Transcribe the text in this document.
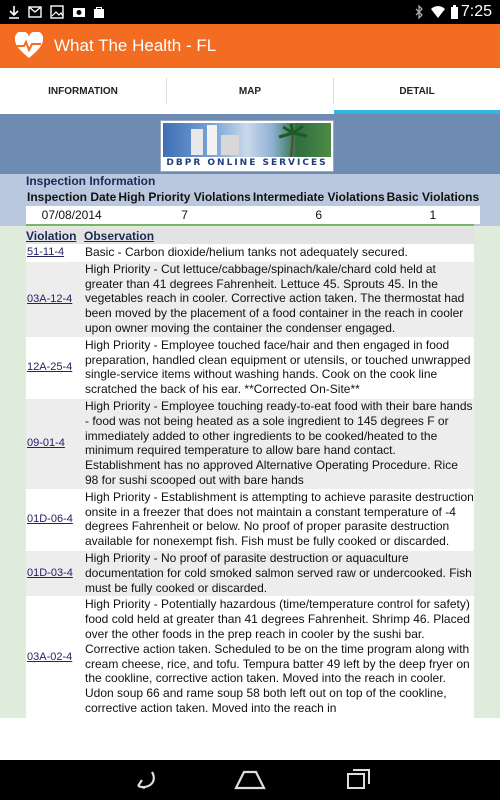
7:25
What The Health - FL
INFORMATION	MAP	DETAIL
DBPR ONLINE SERVICES
Inspection Information
Inspection Date	High Priority Violations	Intermediate Violations	Basic Violations
07/08/2014	7	6	1
Violation	Observation
51-11-4	Basic - Carbon dioxide/helium tanks not adequately secured.
03A-12-4	High Priority - Cut lettuce/cabbage/spinach/kale/chard cold held at greater than 41 degrees Fahrenheit. Lettuce 45. Sprouts 45. In the vegetables reach in cooler. Corrective action taken. The thermostat had been moved by the placement of a food container in the reach in cooler upon owner moving the container the condenser engaged.
12A-25-4	High Priority - Employee touched face/hair and then engaged in food preparation, handled clean equipment or utensils, or touched unwrapped single-service items without washing hands. Cook on the cook line scratched the back of his ear. **Corrected On-Site**
09-01-4	High Priority - Employee touching ready-to-eat food with their bare hands - food was not being heated as a sole ingredient to 145 degrees F or immediately added to other ingredients to be cooked/heated to the minimum required temperature to allow bare hand contact. Establishment has no approved Alternative Operating Procedure. Rice 98 for sushi scooped out with bare hands
01D-06-4	High Priority - Establishment is attempting to achieve parasite destruction onsite in a freezer that does not maintain a constant temperature of -4 degrees Fahrenheit or below. No proof of proper parasite destruction available for nonexempt fish. Fish must be fully cooked or discarded.
01D-03-4	High Priority - No proof of parasite destruction or aquaculture documentation for cold smoked salmon served raw or undercooked. Fish must be fully cooked or discarded.
03A-02-4	High Priority - Potentially hazardous (time/temperature control for safety) food cold held at greater than 41 degrees Fahrenheit. Shrimp 46. Placed over the other foods in the prep reach in cooler by the sushi bar. Corrective action taken. Scheduled to be on the time program along with cream cheese, rice, and tofu. Tempura batter 49 left by the deep fryer on the cookline, corrective action taken. Moved into the reach in cooler. Udon soup 66 and rame soup 58 both left out on top of the cookline, corrective action taken. Moved into the reach in
